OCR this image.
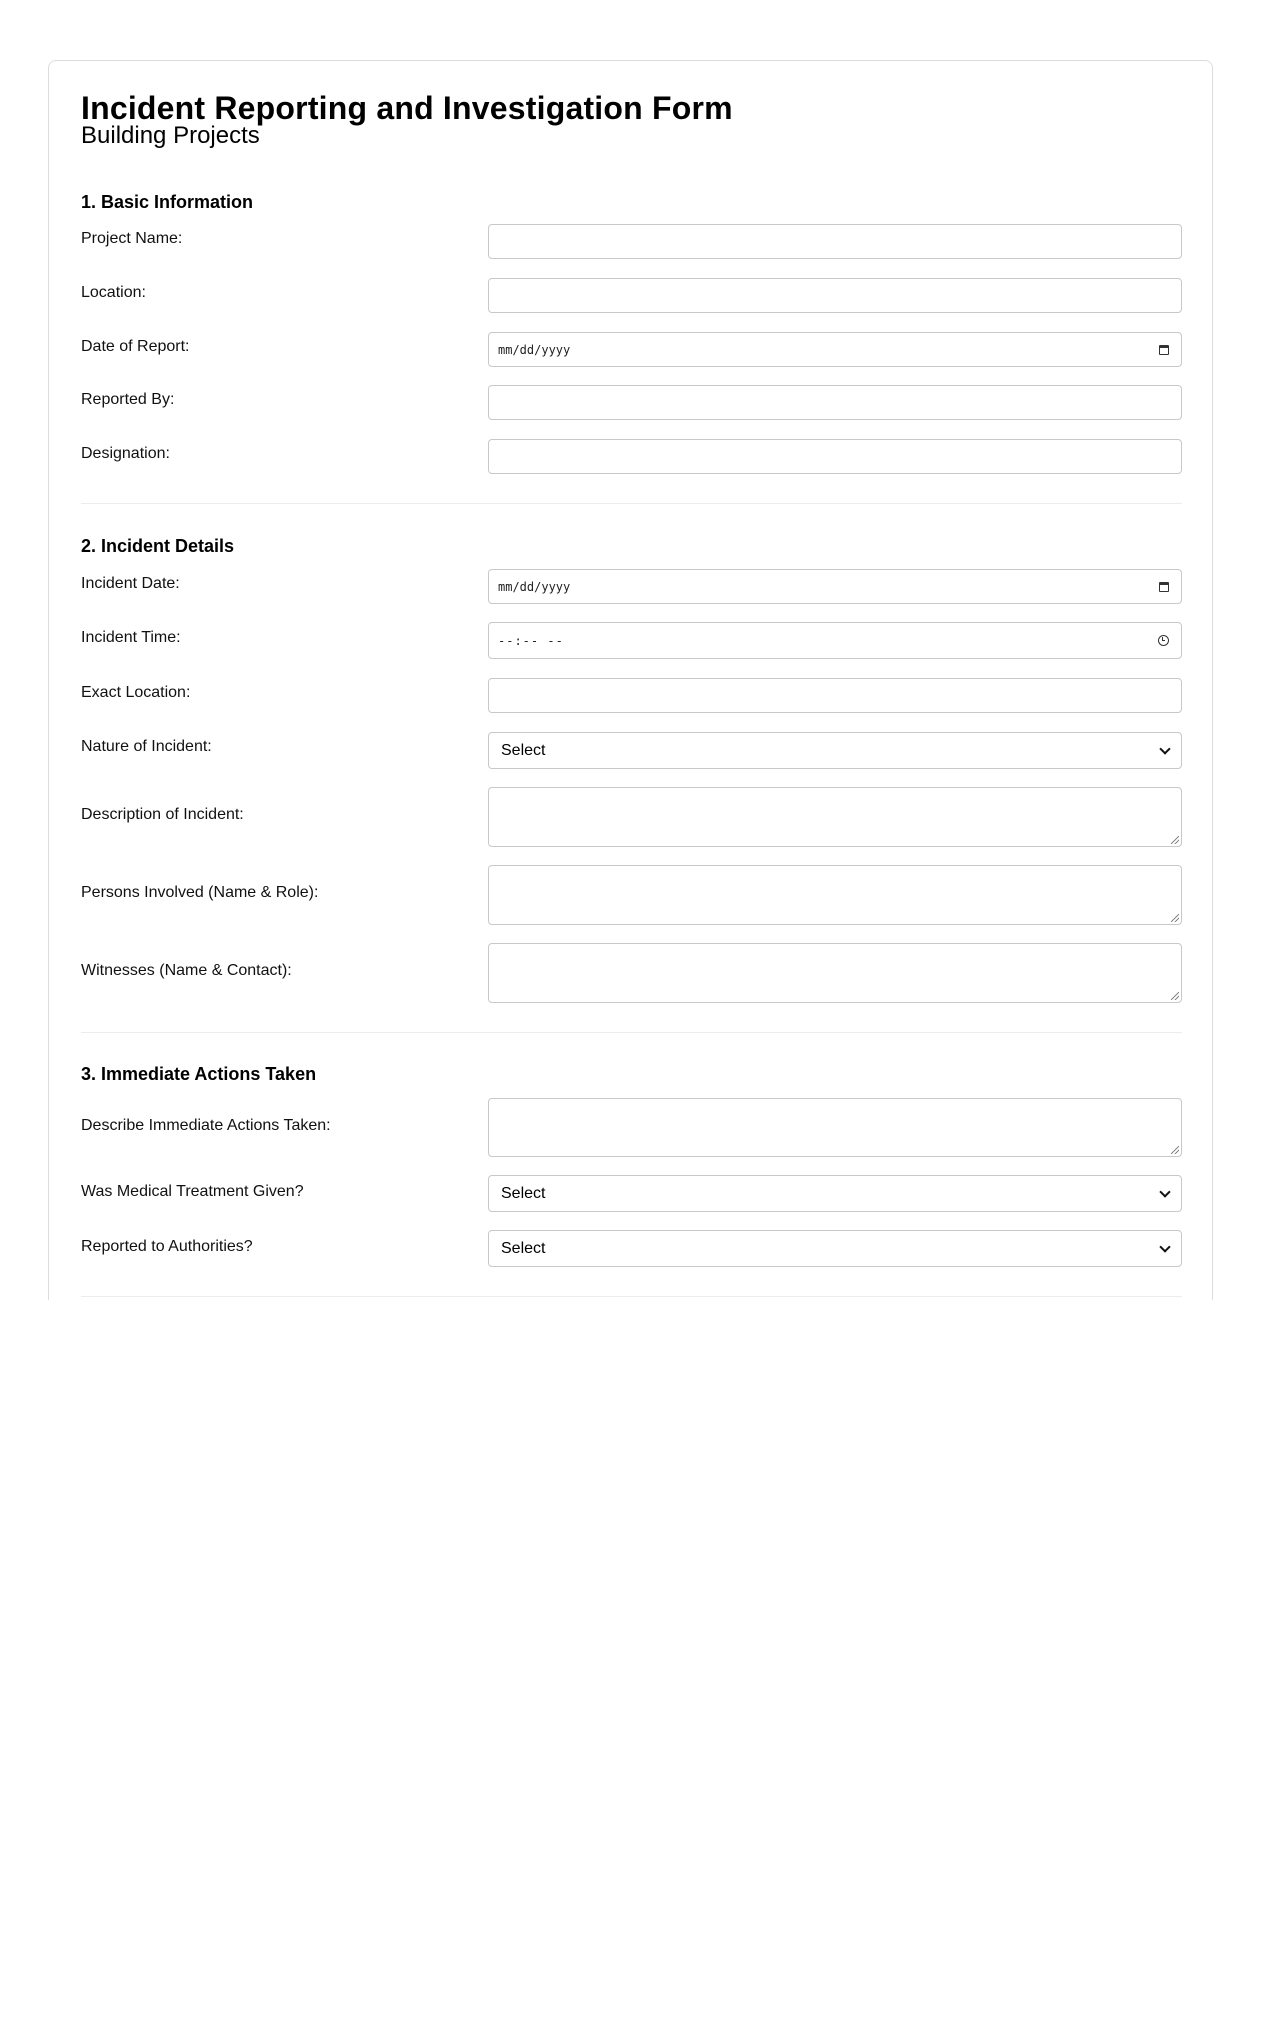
Incident Reporting and Investigation Form
Building Projects
1. Basic Information
Project Name:
Location:
Date of Report:	mm/dd/yyyy
Reported By:
Designation:
2. Incident Details
Incident Date:	mm/dd/yyyy
Incident Time:	--:-- --
Exact Location:
Nature of Incident:	Select
Description of Incident:
Persons Involved (Name & Role):
Witnesses (Name & Contact):
3. Immediate Actions Taken
Describe Immediate Actions Taken:
Was Medical Treatment Given?	Select
Reported to Authorities?	Select
